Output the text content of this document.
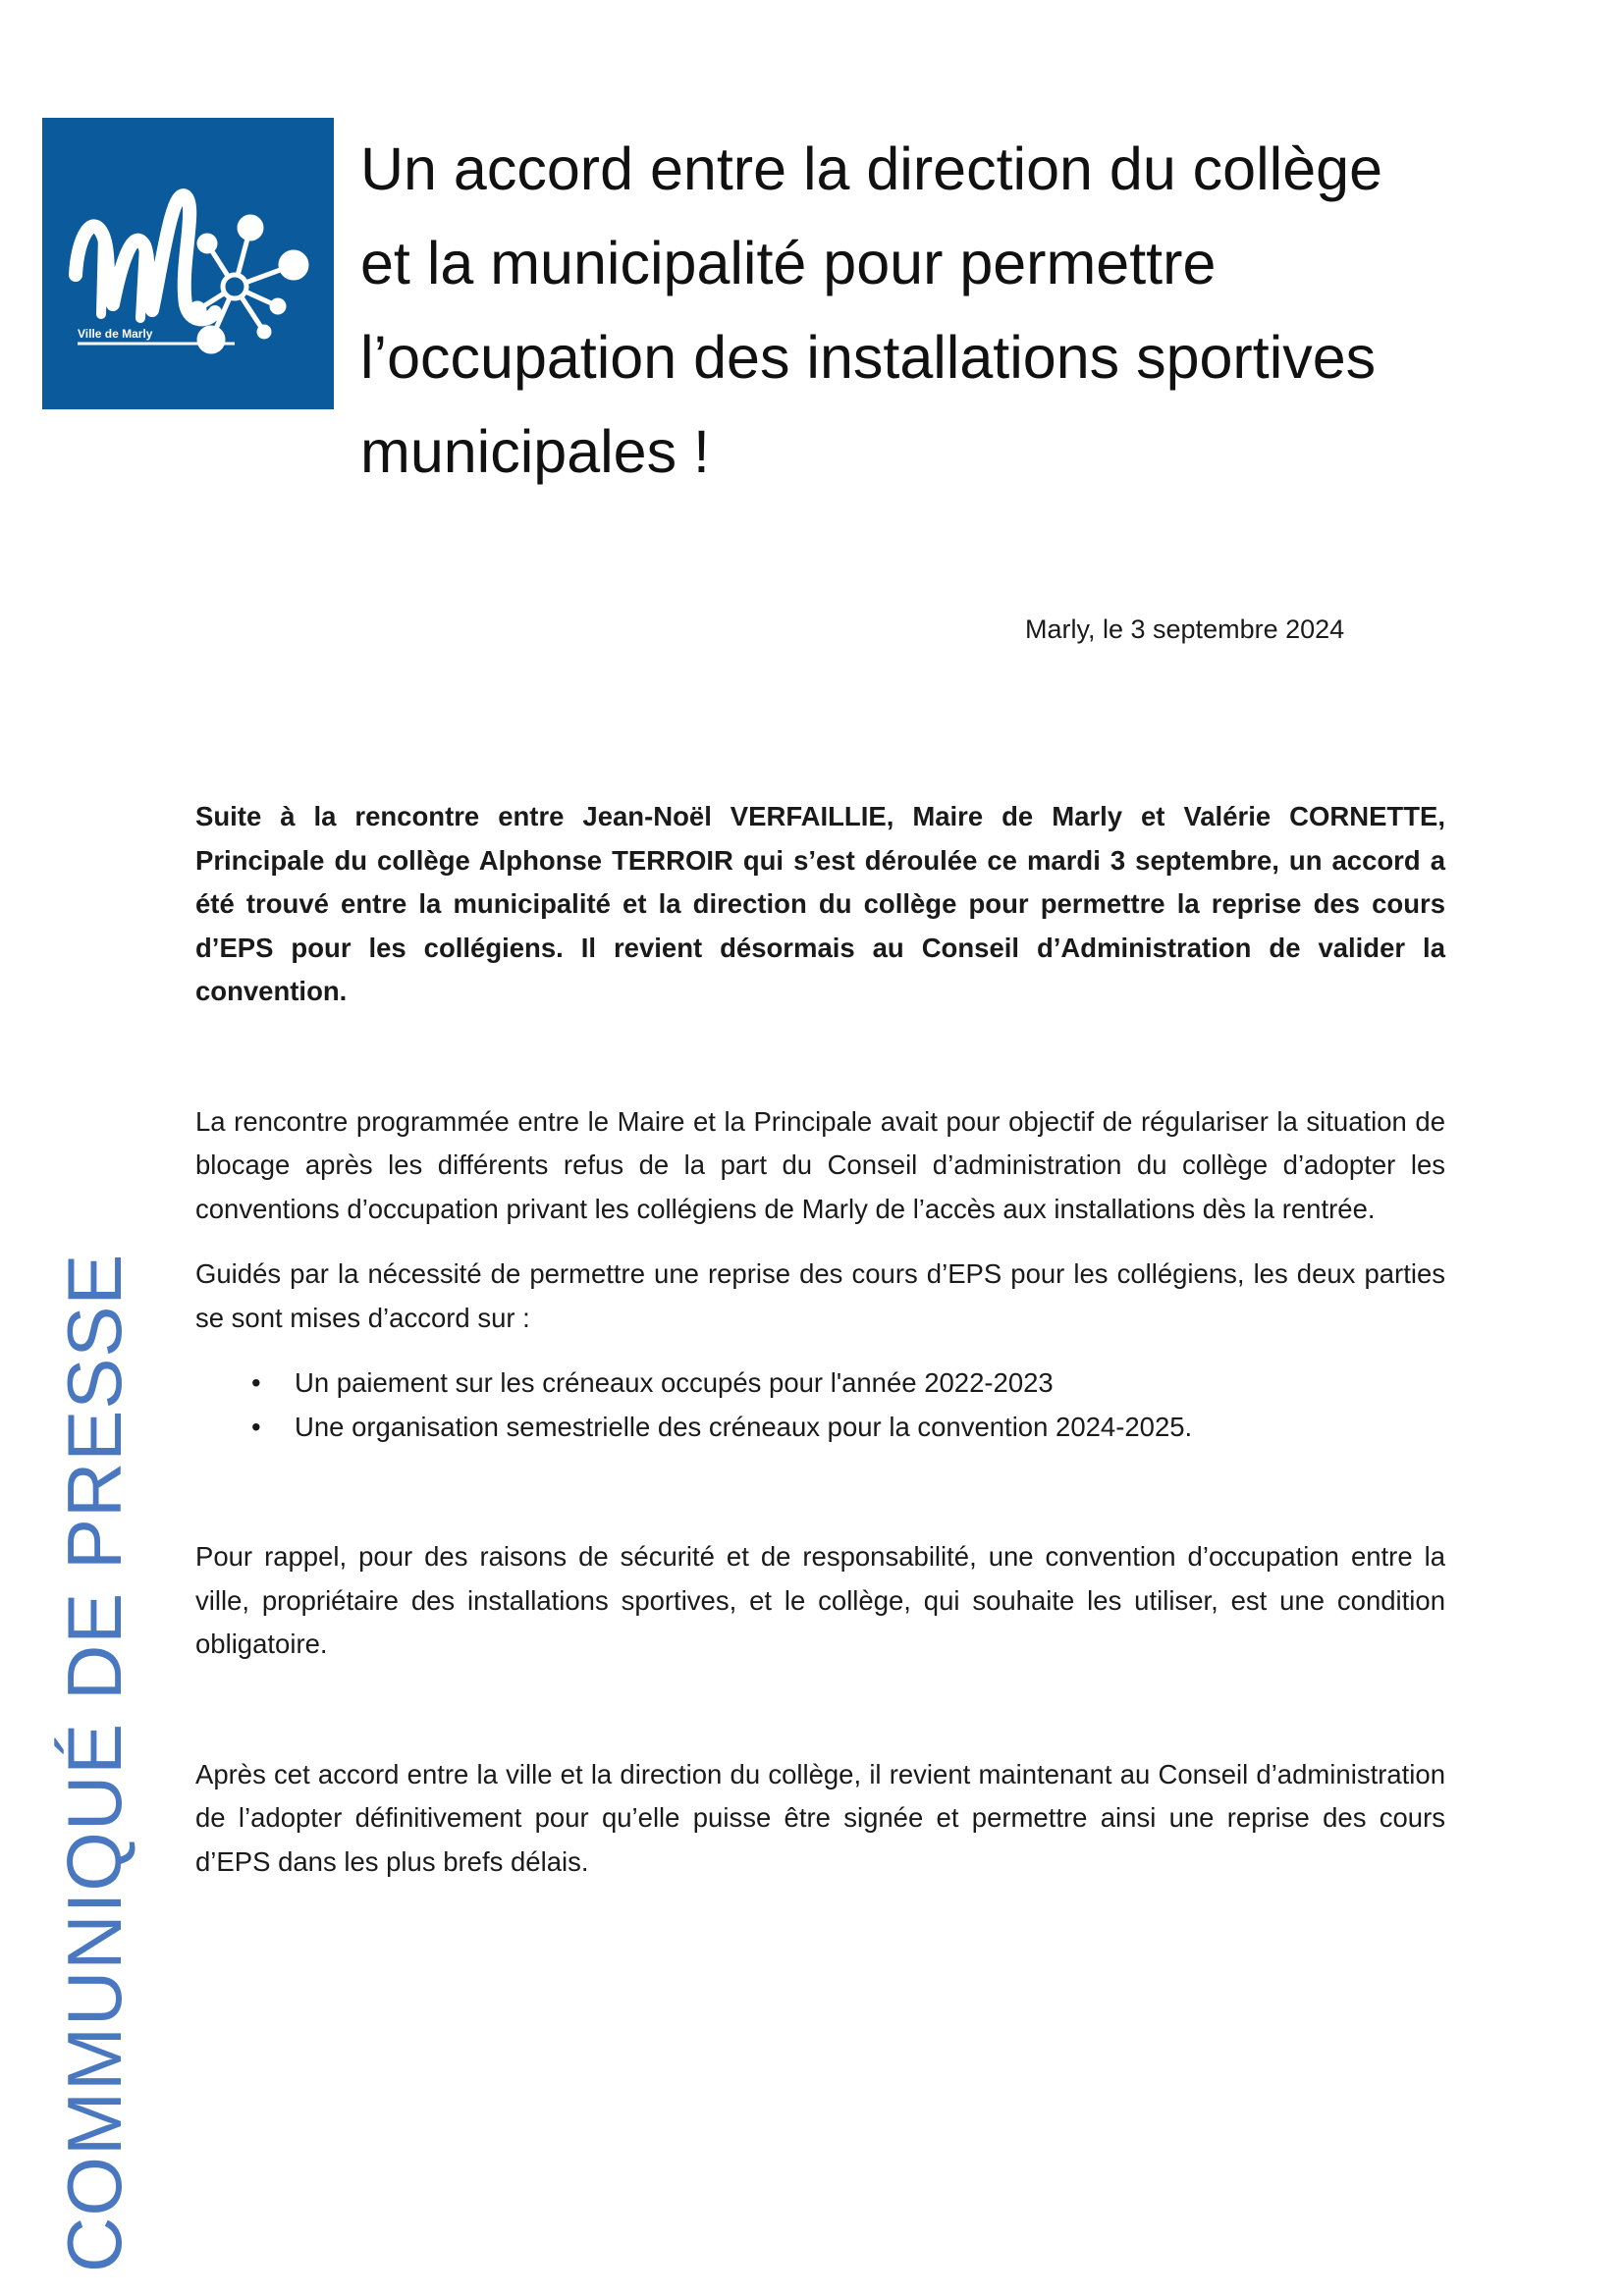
Ville de Marly
Un accord entre la direction du collège et la municipalité pour permettre l’occupation des installations sportives municipales !
Marly, le 3 septembre 2024

Suite à la rencontre entre Jean-Noël VERFAILLIE, Maire de Marly et Valérie CORNETTE, Principale du collège Alphonse TERROIR qui s’est déroulée ce mardi 3 septembre, un accord a été trouvé entre la municipalité et la direction du collège pour permettre la reprise des cours d’EPS pour les collégiens. Il revient désormais au Conseil d’Administration de valider la convention.

La rencontre programmée entre le Maire et la Principale avait pour objectif de régulariser la situation de blocage après les différents refus de la part du Conseil d’administration du collège d’adopter les conventions d’occupation privant les collégiens de Marly de l’accès aux installations dès la rentrée.

Guidés par la nécessité de permettre une reprise des cours d’EPS pour les collégiens, les deux parties se sont mises d’accord sur :

• Un paiement sur les créneaux occupés pour l'année 2022-2023
• Une organisation semestrielle des créneaux pour la convention 2024-2025.

Pour rappel, pour des raisons de sécurité et de responsabilité, une convention d’occupation entre la ville, propriétaire des installations sportives, et le collège, qui souhaite les utiliser, est une condition obligatoire.

Après cet accord entre la ville et la direction du collège, il revient maintenant au Conseil d’administration de l’adopter définitivement pour qu’elle puisse être signée et permettre ainsi une reprise des cours d’EPS dans les plus brefs délais.

COMMUNIQUÉ DE PRESSE
